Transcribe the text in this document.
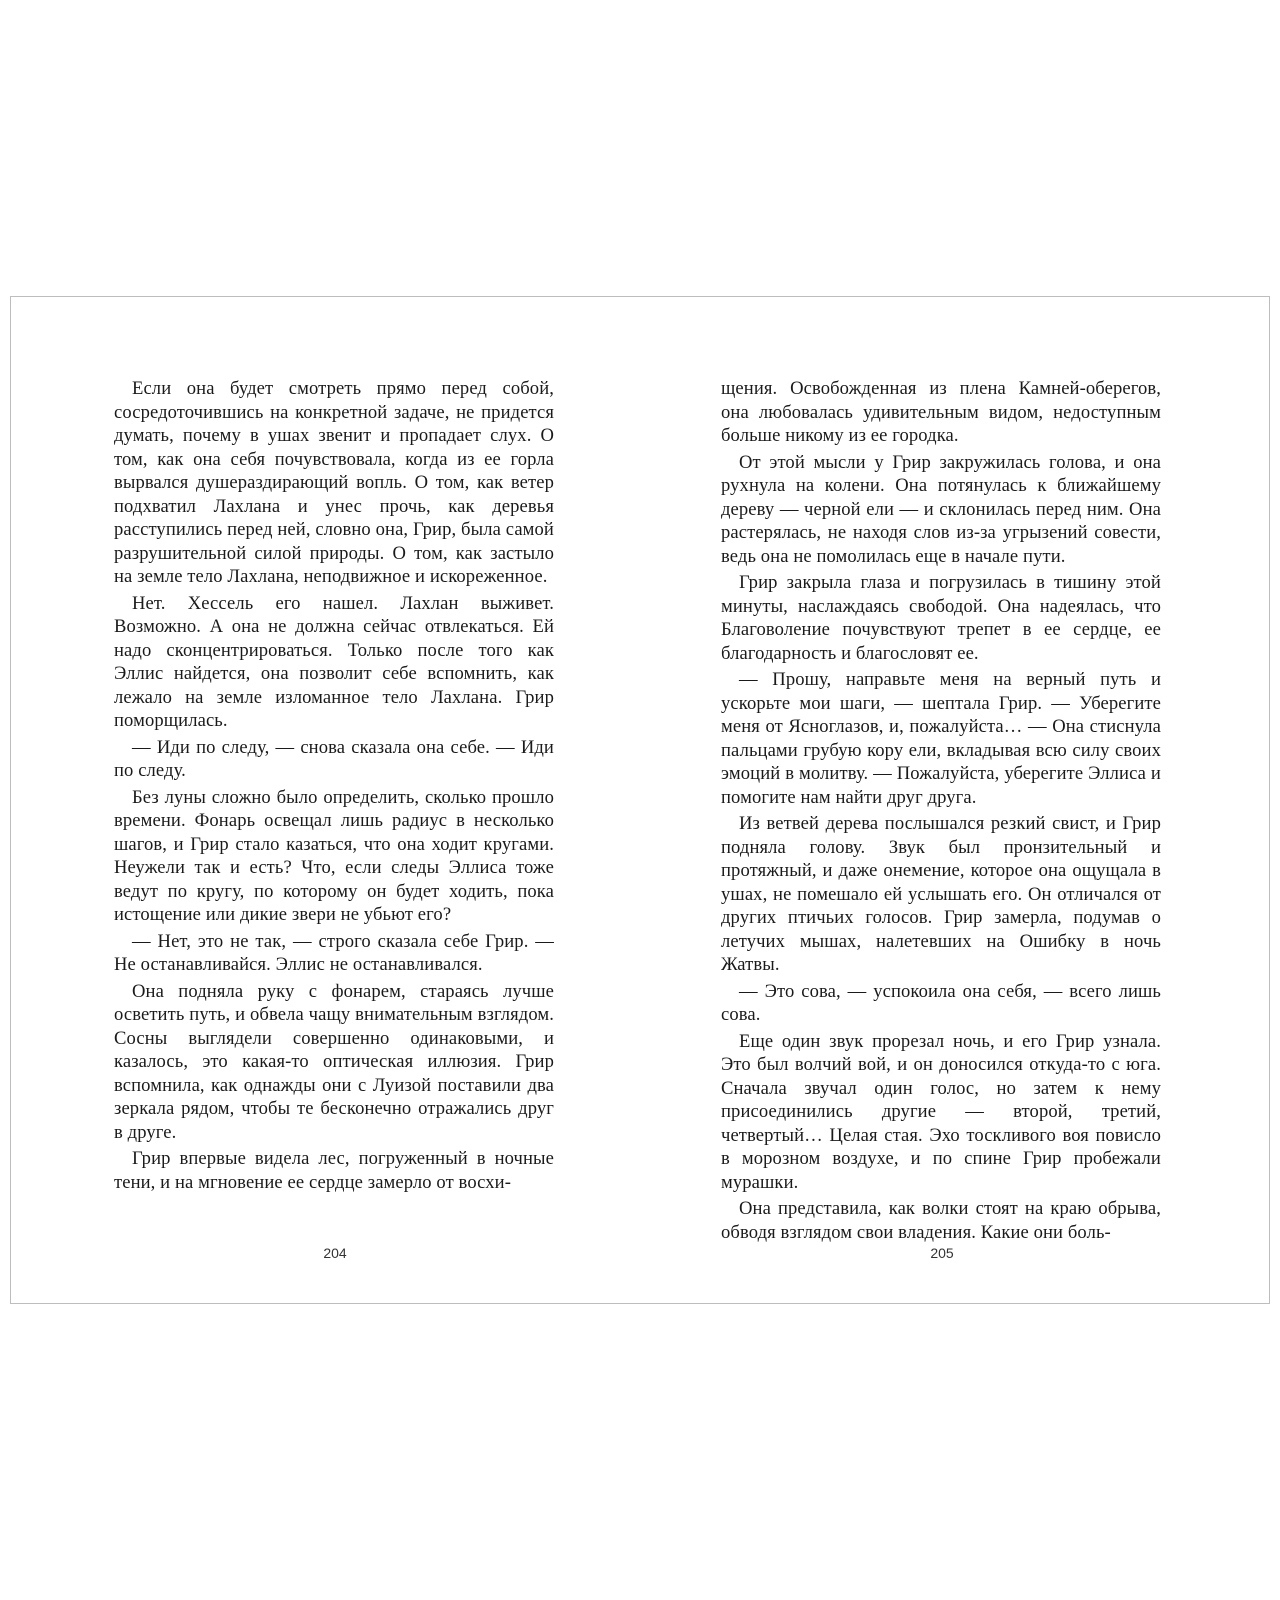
Если она будет смотреть прямо перед собой, сосредоточившись на конкретной задаче, не придется думать, почему в ушах звенит и пропадает слух. О том, как она себя почувствовала, когда из ее горла вырвался душераздирающий вопль. О том, как ветер подхватил Лахлана и унес прочь, как деревья расступились перед ней, словно она, Грир, была самой разрушительной силой природы. О том, как застыло на земле тело Лахлана, неподвижное и искореженное.

Нет. Хессель его нашел. Лахлан выживет. Возможно. А она не должна сейчас отвлекаться. Ей надо сконцентрироваться. Только после того как Эллис найдется, она позволит себе вспомнить, как лежало на земле изломанное тело Лахлана. Грир поморщилась.

— Иди по следу, — снова сказала она себе. — Иди по следу.

Без луны сложно было определить, сколько прошло времени. Фонарь освещал лишь радиус в несколько шагов, и Грир стало казаться, что она ходит кругами. Неужели так и есть? Что, если следы Эллиса тоже ведут по кругу, по которому он будет ходить, пока истощение или дикие звери не убьют его?

— Нет, это не так, — строго сказала себе Грир. — Не останавливайся. Эллис не останавливался.

Она подняла руку с фонарем, стараясь лучше осветить путь, и обвела чащу внимательным взглядом. Сосны выглядели совершенно одинаковыми, и казалось, это какая-то оптическая иллюзия. Грир вспомнила, как однажды они с Луизой поставили два зеркала рядом, чтобы те бесконечно отражались друг в друге.

Грир впервые видела лес, погруженный в ночные тени, и на мгновение ее сердце замерло от восхи-

щения. Освобожденная из плена Камней-оберегов, она любовалась удивительным видом, недоступным больше никому из ее городка.

От этой мысли у Грир закружилась голова, и она рухнула на колени. Она потянулась к ближайшему дереву — черной ели — и склонилась перед ним. Она растерялась, не находя слов из-за угрызений совести, ведь она не помолилась еще в начале пути.

Грир закрыла глаза и погрузилась в тишину этой минуты, наслаждаясь свободой. Она надеялась, что Благоволение почувствуют трепет в ее сердце, ее благодарность и благословят ее.

— Прошу, направьте меня на верный путь и ускорьте мои шаги, — шептала Грир. — Уберегите меня от Ясноглазов, и, пожалуйста… — Она стиснула пальцами грубую кору ели, вкладывая всю силу своих эмоций в молитву. — Пожалуйста, уберегите Эллиса и помогите нам найти друг друга.

Из ветвей дерева послышался резкий свист, и Грир подняла голову. Звук был пронзительный и протяжный, и даже онемение, которое она ощущала в ушах, не помешало ей услышать его. Он отличался от других птичьих голосов. Грир замерла, подумав о летучих мышах, налетевших на Ошибку в ночь Жатвы.

— Это сова, — успокоила она себя, — всего лишь сова.

Еще один звук прорезал ночь, и его Грир узнала. Это был волчий вой, и он доносился откуда-то с юга. Сначала звучал один голос, но затем к нему присоединились другие — второй, третий, четвертый… Целая стая. Эхо тоскливого воя повисло в морозном воздухе, и по спине Грир пробежали мурашки.

Она представила, как волки стоят на краю обрыва, обводя взглядом свои владения. Какие они боль-

204	205
